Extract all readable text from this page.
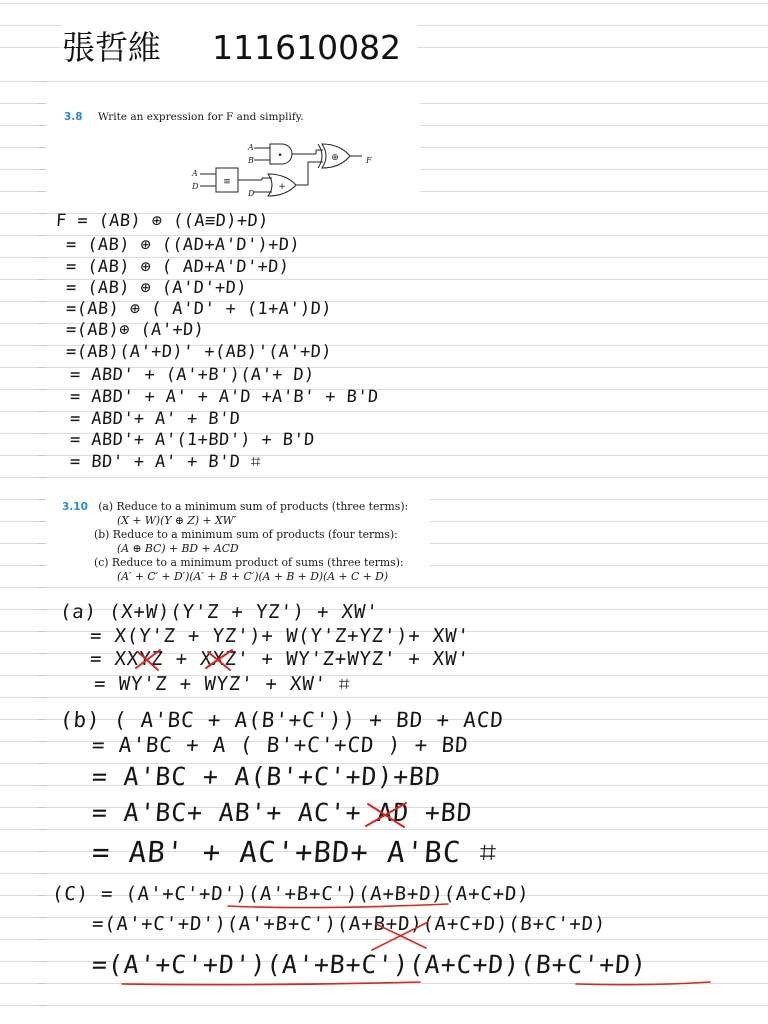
張哲維 111610082
3.8 Write an expression for F and simplify.
A
B
A
D
D
F
•
≡	+
⊕
F = (AB) ⊕ ((A≡D)+D)
= (AB) ⊕ ((AD+A'D')+D)
= (AB) ⊕ ( AD+A'D'+D)
= (AB) ⊕ (A'D'+D)
=(AB) ⊕ ( A'D' + (1+A')D)
=(AB)⊕ (A'+D)
=(AB)(A'+D)' +(AB)'(A'+D)
= ABD' + (A'+B')(A'+ D)
= ABD' + A' + A'D +A'B' + B'D
= ABD'+ A' + B'D
= ABD'+ A'(1+BD') + B'D
= BD' + A' + B'D ⌗
3.10 (a) Reduce to a minimum sum of products (three terms):
(X + W)(Y ⊕ Z) + XW′
(b) Reduce to a minimum sum of products (four terms):
(A ⊕ BC) + BD + ACD
(c) Reduce to a minimum product of sums (three terms):
(A′ + C′ + D′)(A′ + B + C′)(A + B + D)(A + C + D)
(a) (X+W)(Y'Z + YZ') + XW'
= X(Y'Z + YZ')+ W(Y'Z+YZ')+ XW'
= XXYZ + XXZ' + WY'Z+WYZ' + XW'
= WY'Z + WYZ' + XW' ⌗
(b) ( A'BC + A(B'+C')) + BD + ACD
= A'BC + A ( B'+C'+CD ) + BD
= A'BC + A(B'+C'+D)+BD
= A'BC+ AB'+ AC'+ AD +BD
= AB' + AC'+BD+ A'BC ⌗
(C) = (A'+C'+D')(A'+B+C')(A+B+D)(A+C+D)
=(A'+C'+D')(A'+B+C')(A+B+D)(A+C+D)(B+C'+D)
=(A'+C'+D')(A'+B+C')(A+C+D)(B+C'+D)
